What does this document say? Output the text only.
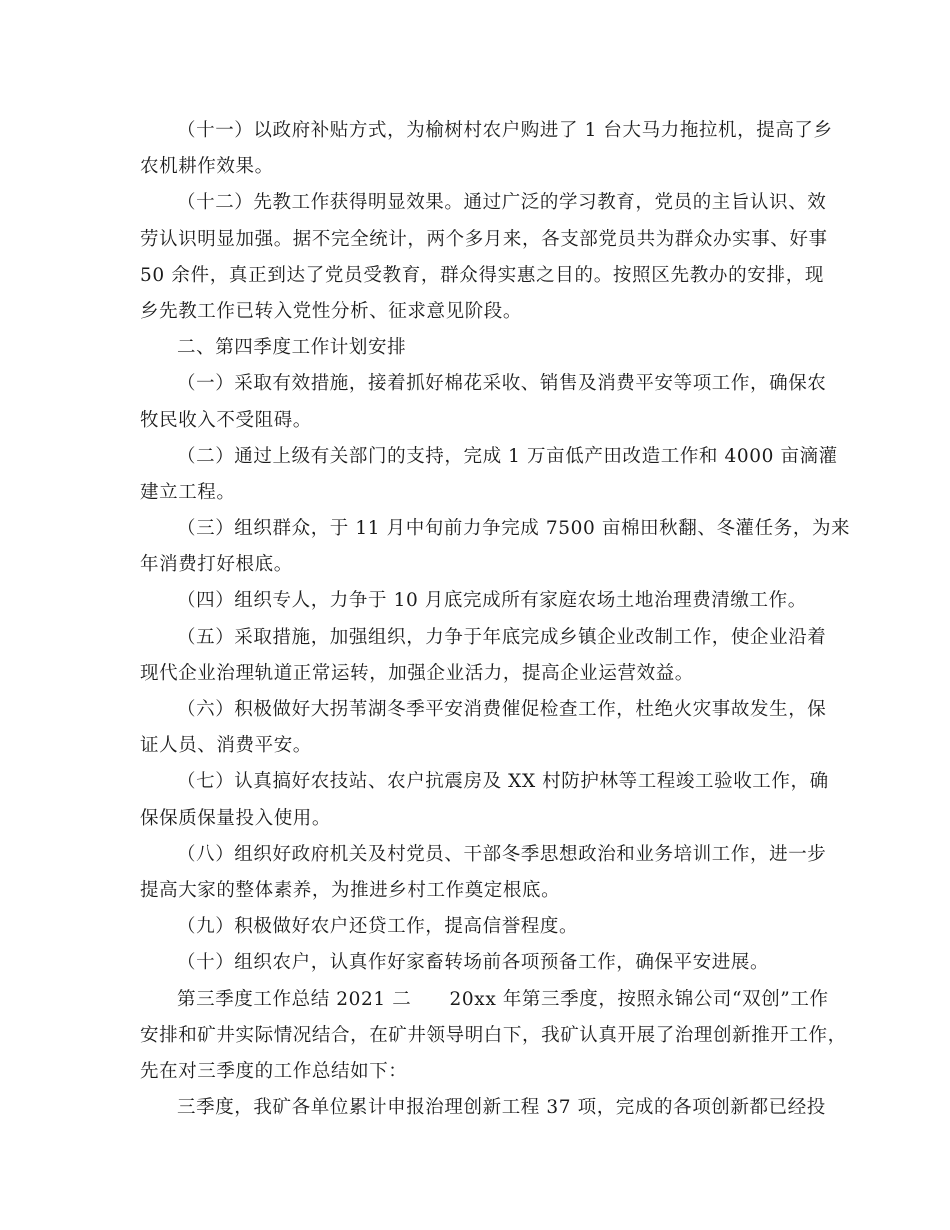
（十一）以政府补贴方式，为榆树村农户购进了 1 台大马力拖拉机，提高了乡
农机耕作效果。
（十二）先教工作获得明显效果。通过广泛的学习教育，党员的主旨认识、效
劳认识明显加强。据不完全统计，两个多月来，各支部党员共为群众办实事、好事
50 余件，真正到达了党员受教育，群众得实惠之目的。按照区先教办的安排，现
乡先教工作已转入党性分析、征求意见阶段。
二、第四季度工作计划安排
（一）采取有效措施，接着抓好棉花采收、销售及消费平安等项工作，确保农
牧民收入不受阻碍。
（二）通过上级有关部门的支持，完成 1 万亩低产田改造工作和 4000 亩滴灌
建立工程。
（三）组织群众，于 11 月中旬前力争完成 7500 亩棉田秋翻、冬灌任务，为来
年消费打好根底。
（四）组织专人，力争于 10 月底完成所有家庭农场土地治理费清缴工作。
（五）采取措施，加强组织，力争于年底完成乡镇企业改制工作，使企业沿着
现代企业治理轨道正常运转，加强企业活力，提高企业运营效益。
（六）积极做好大拐苇湖冬季平安消费催促检查工作，杜绝火灾事故发生，保
证人员、消费平安。
（七）认真搞好农技站、农户抗震房及 XX 村防护林等工程竣工验收工作，确
保保质保量投入使用。
（八）组织好政府机关及村党员、干部冬季思想政治和业务培训工作，进一步
提高大家的整体素养，为推进乡村工作奠定根底。
（九）积极做好农户还贷工作，提高信誉程度。
（十）组织农户，认真作好家畜转场前各项预备工作，确保平安进展。
第三季度工作总结 2021 二　　20xx 年第三季度，按照永锦公司“双创”工作
安排和矿井实际情况结合，在矿井领导明白下，我矿认真开展了治理创新推开工作，
先在对三季度的工作总结如下：
三季度，我矿各单位累计申报治理创新工程 37 项，完成的各项创新都已经投
